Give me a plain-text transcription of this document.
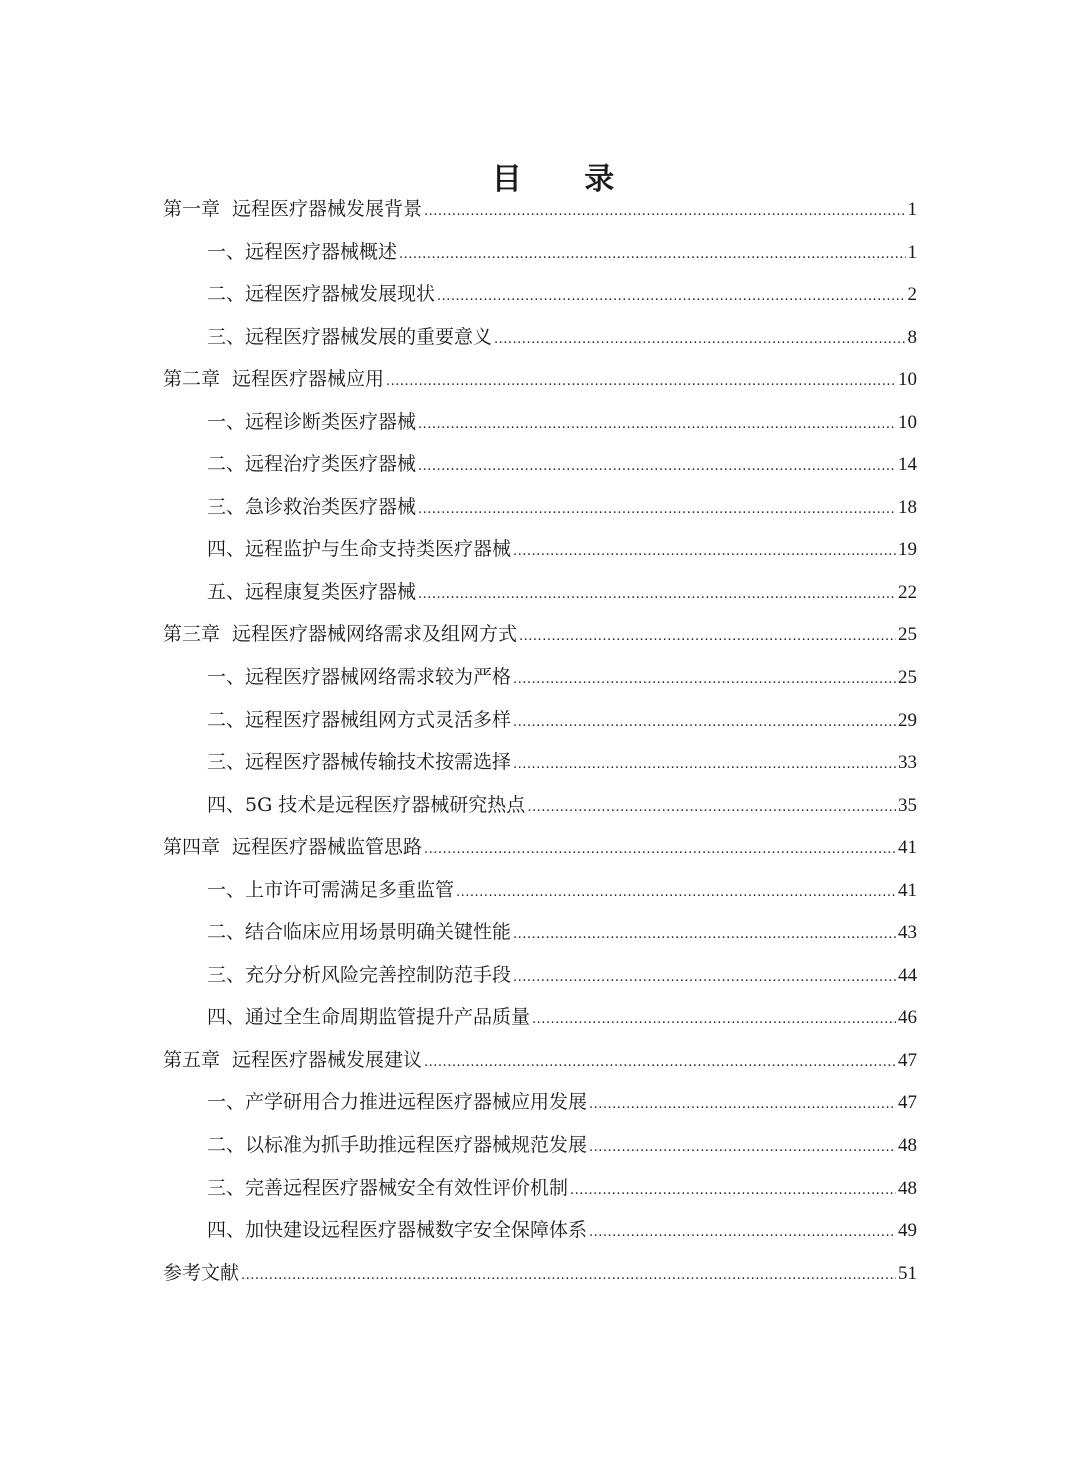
目 录
第一章 远程医疗器械发展背景 .....	1
一、远程医疗器械概述 .....	1
二、远程医疗器械发展现状 .....	2
三、远程医疗器械发展的重要意义 .....	8
第二章 远程医疗器械应用 .....	10
一、远程诊断类医疗器械 .....	10
二、远程治疗类医疗器械 .....	14
三、急诊救治类医疗器械 .....	18
四、远程监护与生命支持类医疗器械 .....	19
五、远程康复类医疗器械 .....	22
第三章 远程医疗器械网络需求及组网方式 .....	25
一、远程医疗器械网络需求较为严格 .....	25
二、远程医疗器械组网方式灵活多样 .....	29
三、远程医疗器械传输技术按需选择 .....	33
四、5G 技术是远程医疗器械研究热点 .....	35
第四章 远程医疗器械监管思路 .....	41
一、上市许可需满足多重监管 .....	41
二、结合临床应用场景明确关键性能 .....	43
三、充分分析风险完善控制防范手段 .....	44
四、通过全生命周期监管提升产品质量 .....	46
第五章 远程医疗器械发展建议 .....	47
一、产学研用合力推进远程医疗器械应用发展 .....	47
二、以标准为抓手助推远程医疗器械规范发展 .....	48
三、完善远程医疗器械安全有效性评价机制 .....	48
四、加快建设远程医疗器械数字安全保障体系 .....	49
参考文献 .....	51
